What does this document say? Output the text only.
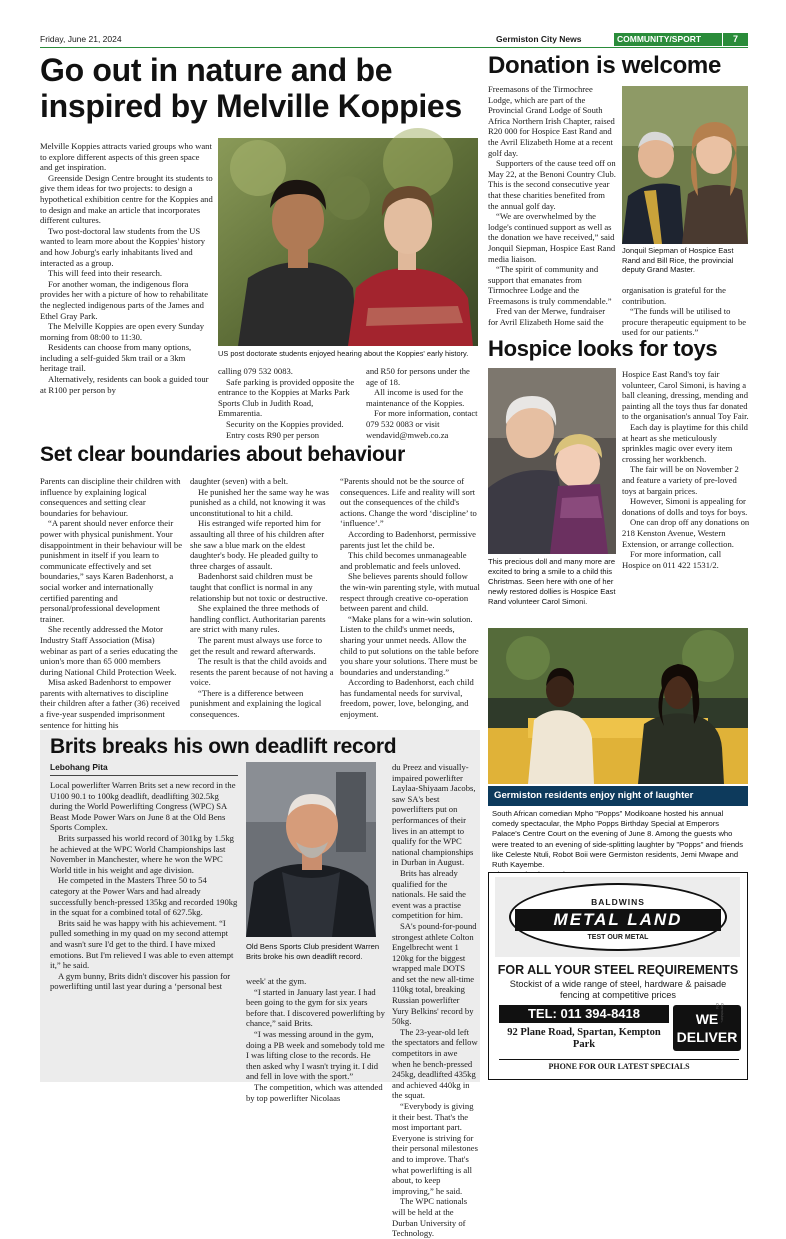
Friday, June 21, 2024	Germiston City News	COMMUNITY/SPORT	7
Go out in nature and be inspired by Melville Koppies

Melville Koppies attracts varied groups who want to explore different aspects of this green space and get inspiration.

Greenside Design Centre brought its students to give them ideas for two projects: to design a hypothetical exhibition centre for the Koppies and to design and make an article that incorporates different cultures.

Two post-doctoral law students from the US wanted to learn more about the Koppies' history and how Joburg's early inhabitants lived and interacted as a group.

This will feed into their research.

For another woman, the indigenous flora provides her with a picture of how to rehabilitate the neglected indigenous parts of the James and Ethel Gray Park.

The Melville Koppies are open every Sunday morning from 08:00 to 11:30.

Residents can choose from many options, including a self-guided 5km trail or a 3km heritage trail.

Alternatively, residents can book a guided tour at R100 per person by

US post doctorate students enjoyed hearing about the Koppies' early history.

calling 079 532 0083.

Safe parking is provided opposite the entrance to the Koppies at Marks Park Sports Club in Judith Road, Emmarentia.

Security on the Koppies provided.

Entry costs R90 per person

and R50 for persons under the age of 18.

All income is used for the maintenance of the Koppies.

For more information, contact 079 532 0083 or visit wendavid@mweb.co.za

Donation is welcome

Freemasons of the Tirmochree Lodge, which are part of the Provincial Grand Lodge of South Africa Northern Irish Chapter, raised R20 000 for Hospice East Rand and the Avril Elizabeth Home at a recent golf day.

Supporters of the cause teed off on May 22, at the Benoni Country Club. This is the second consecutive year that these charities benefited from the annual golf day.

“We are overwhelmed by the lodge's continued support as well as the donation we have received,” said Jonquil Siepman, Hospice East Rand media liaison.

“The spirit of community and support that emanates from Tirmochree Lodge and the Freemasons is truly commendable.”

Fred van der Merwe, fundraiser for Avril Elizabeth Home said the

Jonquil Siepman of Hospice East Rand and Bill Rice, the provincial deputy Grand Master.

organisation is grateful for the contribution.

“The funds will be utilised to procure therapeutic equipment to be used for our patients.”

Hospice looks for toys
This precious doll and many more are excited to bring a smile to a child this Christmas. Seen here with one of her newly restored dollies is Hospice East Rand volunteer Carol Simoni.

Hospice East Rand's toy fair volunteer, Carol Simoni, is having a ball cleaning, dressing, mending and painting all the toys thus far donated to the organisation's annual Toy Fair.

Each day is playtime for this child at heart as she meticulously sprinkles magic over every item crossing her workbench.

The fair will be on November 2 and feature a variety of pre-loved toys at bargain prices.

However, Simoni is appealing for donations of dolls and toys for boys.

One can drop off any donations on 218 Kenston Avenue, Western Extension, or arrange collection.

For more information, call Hospice on 011 422 1531/2.

Set clear boundaries about behaviour

Parents can discipline their children with influence by explaining logical consequences and setting clear boundaries for behaviour.

“A parent should never enforce their power with physical punishment. Your disappointment in their behaviour will be punishment in itself if you learn to communicate effectively and set boundaries,” says Karen Badenhorst, a social worker and internationally certified parenting and personal/professional development trainer.

She recently addressed the Motor Industry Staff Association (Misa) webinar as part of a series educating the union's more than 65 000 members during National Child Protection Week.

Misa asked Badenhorst to empower parents with alternatives to discipline their children after a father (36) received a five-year suspended imprisonment sentence for hitting his

daughter (seven) with a belt.

He punished her the same way he was punished as a child, not knowing it was unconstitutional to hit a child.

His estranged wife reported him for assaulting all three of his children after she saw a blue mark on the eldest daughter's body. He pleaded guilty to three charges of assault.

Badenhorst said children must be taught that conflict is normal in any relationship but not toxic or destructive.

She explained the three methods of handling conflict. Authoritarian parents are strict with many rules.

The parent must always use force to get the result and reward afterwards.

The result is that the child avoids and resents the parent because of not having a voice.

“There is a difference between punishment and explaining the logical consequences.

“Parents should not be the source of consequences. Life and reality will sort out the consequences of the child's actions. Change the word ‘discipline’ to ‘influence’.”

According to Badenhorst, permissive parents just let the child be.

This child becomes unmanageable and problematic and feels unloved.

She believes parents should follow the win-win parenting style, with mutual respect through creative co-operation between parent and child.

“Make plans for a win-win solution. Listen to the child's unmet needs, sharing your unmet needs. Allow the child to put solutions on the table before you share your solutions. There must be boundaries and understanding.”

According to Badenhorst, each child has fundamental needs for survival, freedom, power, love, belonging, and enjoyment.

Germiston residents enjoy night of laughter
South African comedian Mpho "Popps" Modikoane hosted his annual comedy spectacular, the Mpho Popps Birthday Special at Emperors Palace's Centre Court on the evening of June 8. Among the guests who were treated to an evening of side-splitting laughter by "Popps" and friends like Celeste Ntuli, Robot Boii were Germiston residents, Jemi Mwape and Ruth Kayembe.
Brits breaks his own deadlift record
Lebohang Pita

Local powerlifter Warren Brits set a new record in the U100 90.1 to 100kg deadlift, deadlifting 302.5kg during the World Powerlifting Congress (WPC) SA Beast Mode Power Wars on June 8 at the Old Bens Sports Complex.

Brits surpassed his world record of 301kg by 1.5kg he achieved at the WPC World Championships last November in Manchester, where he won the WPC World title in his weight and age division.

He competed in the Masters Three 50 to 54 category at the Power Wars and had already successfully bench-pressed 135kg and recorded 190kg in the squat for a combined total of 627.5kg.

Brits said he was happy with his achievement. “I pulled something in my quad on my second attempt and wasn't sure I'd get to the third. I have mixed emotions. But I'm relieved I was able to even attempt it,” he said.

A gym bunny, Brits didn't discover his passion for powerlifting until last year during a ‘personal best

Old Bens Sports Club president Warren Brits broke his own deadlift record.

week' at the gym.

“I started in January last year. I had been going to the gym for six years before that. I discovered powerlifting by chance,” said Brits.

“I was messing around in the gym, doing a PB week and somebody told me I was lifting close to the records. He then asked why I wasn't trying it. I did and fell in love with the sport.”

The competition, which was attended by top powerlifter Nicolaas

du Preez and visually-impaired powerlifter Laylaa-Shiyaam Jacobs, saw SA's best powerlifters put on performances of their lives in an attempt to qualify for the WPC national championships in Durban in August.

Brits has already qualified for the nationals. He said the event was a practise competition for him.

SA's pound-for-pound strongest athlete Colton Engelbrecht went 1 120kg for the biggest wrapped male DOTS and set the new all-time 110kg total, breaking Russian powerlifter Yury Belkins' record by 50kg.

The 23-year-old left the spectators and fellow competitors in awe when he bench-pressed 245kg, deadlifted 435kg and achieved 440kg in the squat.

“Everybody is giving it their best. That's the most important part. Everyone is striving for their personal milestones and to improve. That's what powerlifting is all about, to keep improving,” he said.

The WPC nationals will be held at the Durban University of Technology.

BALDWINS
METAL LAND
TEST OUR METAL
FOR ALL YOUR STEEL REQUIREMENTS
Stockist of a wide range of steel, hardware & paisade fencing at competitive prices
TEL: 011 394-8418
92 Plane Road, Spartan, Kempton Park
WE DELIVER
PHONE FOR OUR LATEST SPECIALS
Germiston-CN
